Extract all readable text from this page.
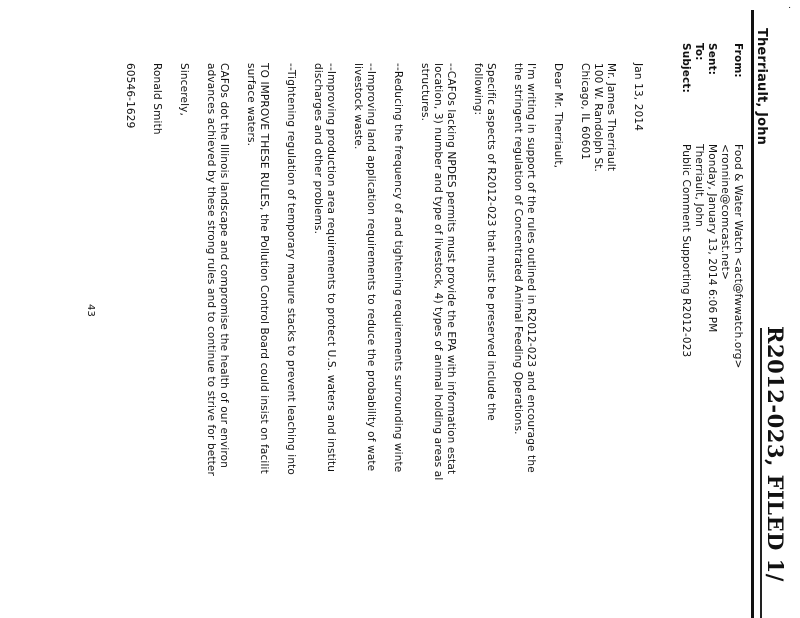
.
R2012-023, FILED 1/
Therriault, John
From:
Food & Water Watch <act@fwwatch.org>
<ronnine@comcast.net>
Sent:
Monday, January 13, 2014 6:06 PM
To:
Therriault, John
Subject:
Public Comment Supporting R2012-023
Jan 13, 2014
Mr. James Therriault
100 W. Randolph St.
Chicago, IL 60601
Dear Mr. Therriault,
I'm writing in support of the rules outlined in R2012-023 and encourage the
the stringent regulation of Concentrated Animal Feeding Operations.
Specific aspects of R2012-023 that must be preserved include the
following:
--CAFOs lacking NPDES permits must provide the EPA with information estat
location, 3) number and type of livestock, 4) types of animal holding areas al
structures.
--Reducing the frequency of and tightening requirements surrounding winte
--Improving land application requirements to reduce the probability of wate
livestock waste.
--Improving production area requirements to protect U.S. waters and institu
discharges and other problems.
--Tightening regulation of temporary manure stacks to prevent leaching into
TO IMPROVE THESE RULES, the Pollution Control Board could insist on facilit
surface waters.
CAFOs dot the Illinois landscape and compromise the health of our environ
advances achieved by these strong rules and to continue to strive for better
Sincerely,
Ronald Smith
60546-1629
43
